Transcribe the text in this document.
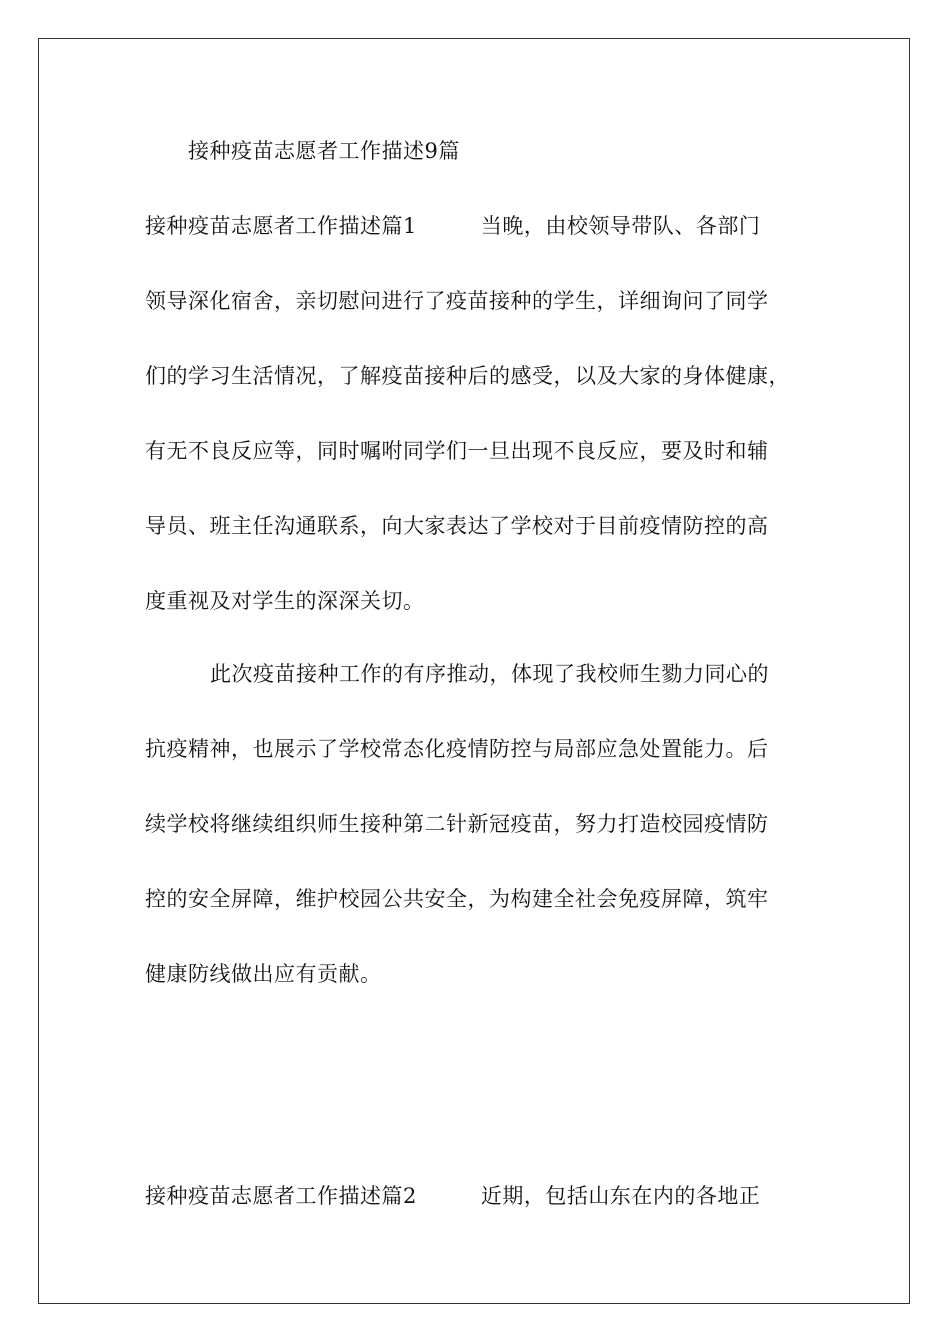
接种疫苗志愿者工作描述9篇
接种疫苗志愿者工作描述篇1	当晚，由校领导带队、各部门
领导深化宿舍，亲切慰问进行了疫苗接种的学生，详细询问了同学
们的学习生活情况，了解疫苗接种后的感受，以及大家的身体健康，
有无不良反应等，同时嘱咐同学们一旦出现不良反应，要及时和辅
导员、班主任沟通联系，向大家表达了学校对于目前疫情防控的高
度重视及对学生的深深关切。
此次疫苗接种工作的有序推动，体现了我校师生勠力同心的
抗疫精神，也展示了学校常态化疫情防控与局部应急处置能力。后
续学校将继续组织师生接种第二针新冠疫苗，努力打造校园疫情防
控的安全屏障，维护校园公共安全，为构建全社会免疫屏障，筑牢
健康防线做出应有贡献。
接种疫苗志愿者工作描述篇2	近期，包括山东在内的各地正
